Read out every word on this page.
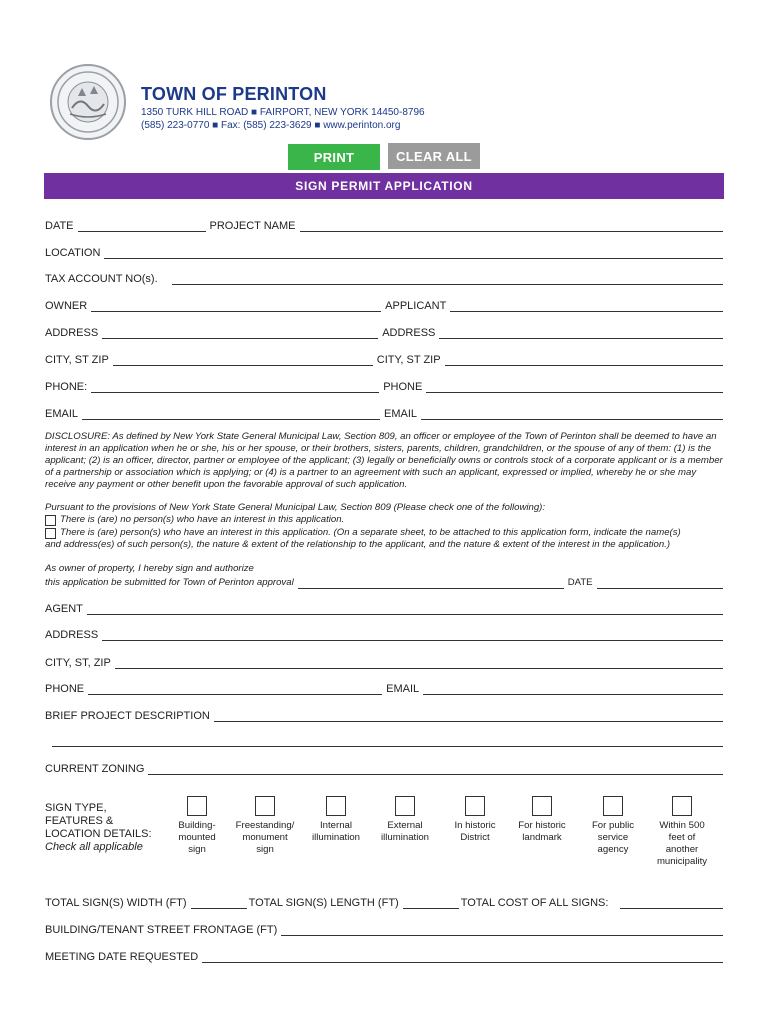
TOWN OF PERINTON
1350 TURK HILL ROAD ■ FAIRPORT, NEW YORK 14450-8796
(585) 223-0770 ■ Fax: (585) 223-3629 ■ www.perinton.org
PRINT	CLEAR ALL
SIGN PERMIT APPLICATION
DATE	PROJECT NAME
LOCATION
TAX ACCOUNT NO(s).
OWNER	APPLICANT
ADDRESS	ADDRESS
CITY, ST ZIP	CITY, ST ZIP
PHONE:	PHONE
EMAIL	EMAIL
DISCLOSURE: As defined by New York State General Municipal Law, Section 809, an officer or employee of the Town of Perinton shall be deemed to have an interest in an application when he or she, his or her spouse, or their brothers, sisters, parents, children, grandchildren, or the spouse of any of them: (1) is the applicant; (2) is an officer, director, partner or employee of the applicant; (3) legally or beneficially owns or controls stock of a corporate applicant or is a member of a partnership or association which is applying; or (4) is a partner to an agreement with such an applicant, expressed or implied, whereby he or she may receive any payment or other benefit upon the favorable approval of such application.
Pursuant to the provisions of New York State General Municipal Law, Section 809 (Please check one of the following):
There is (are) no person(s) who have an interest in this application.
There is (are) person(s) who have an interest in this application. (On a separate sheet, to be attached to this application form, indicate the name(s)
and address(es) of such person(s), the nature & extent of the relationship to the applicant, and the nature & extent of the interest in the application.)
As owner of property, I hereby sign and authorize
this application be submitted for Town of Perinton approval	DATE
AGENT
ADDRESS
CITY, ST, ZIP
PHONE	EMAIL
BRIEF PROJECT DESCRIPTION
CURRENT ZONING
SIGN TYPE,
FEATURES &
LOCATION DETAILS:
Check all applicable
Building-
mounted
sign
Freestanding/
monument
sign
Internal
illumination
External
illumination
In historic
District
For historic
landmark
For public
service
agency
Within 500
feet of
another
municipality
TOTAL SIGN(S) WIDTH (FT)	TOTAL SIGN(S) LENGTH (FT)	TOTAL COST OF ALL SIGNS:
BUILDING/TENANT STREET FRONTAGE (FT)
MEETING DATE REQUESTED
